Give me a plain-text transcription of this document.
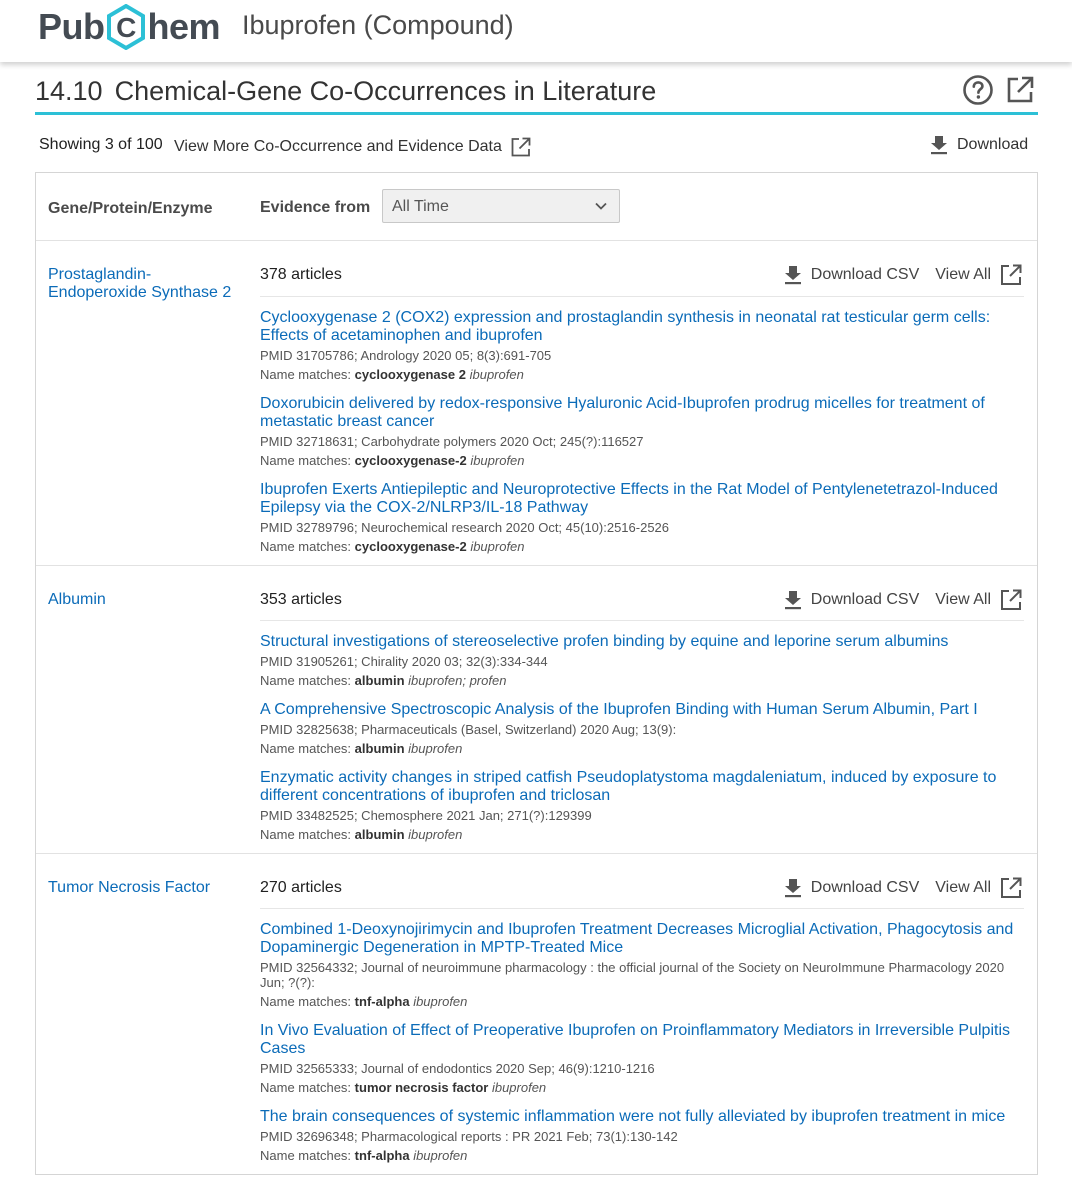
Pub C hem Ibuprofen (Compound)
14.10 Chemical-Gene Co-Occurrences in Literature
Showing 3 of 100 View More Co-Occurrence and Evidence Data	Download
Gene/Protein/Enzyme	Evidence from	All Time
Prostaglandin-Endoperoxide Synthase 2
378 articles	Download CSV View All
Cyclooxygenase 2 (COX2) expression and prostaglandin synthesis in neonatal rat testicular germ cells: Effects of acetaminophen and ibuprofen
PMID 31705786; Andrology 2020 05; 8(3):691-705
Name matches: cyclooxygenase 2 ibuprofen
Doxorubicin delivered by redox-responsive Hyaluronic Acid-Ibuprofen prodrug micelles for treatment of metastatic breast cancer
PMID 32718631; Carbohydrate polymers 2020 Oct; 245(?):116527
Name matches: cyclooxygenase-2 ibuprofen
Ibuprofen Exerts Antiepileptic and Neuroprotective Effects in the Rat Model of Pentylenetetrazol-Induced Epilepsy via the COX-2/NLRP3/IL-18 Pathway
PMID 32789796; Neurochemical research 2020 Oct; 45(10):2516-2526
Name matches: cyclooxygenase-2 ibuprofen
Albumin	353 articles	Download CSV View All
Structural investigations of stereoselective profen binding by equine and leporine serum albumins
PMID 31905261; Chirality 2020 03; 32(3):334-344
Name matches: albumin ibuprofen; profen
A Comprehensive Spectroscopic Analysis of the Ibuprofen Binding with Human Serum Albumin, Part I
PMID 32825638; Pharmaceuticals (Basel, Switzerland) 2020 Aug; 13(9):
Name matches: albumin ibuprofen
Enzymatic activity changes in striped catfish Pseudoplatystoma magdaleniatum, induced by exposure to different concentrations of ibuprofen and triclosan
PMID 33482525; Chemosphere 2021 Jan; 271(?):129399
Name matches: albumin ibuprofen
Tumor Necrosis Factor	270 articles	Download CSV View All
Combined 1-Deoxynojirimycin and Ibuprofen Treatment Decreases Microglial Activation, Phagocytosis and Dopaminergic Degeneration in MPTP-Treated Mice
PMID 32564332; Journal of neuroimmune pharmacology : the official journal of the Society on NeuroImmune Pharmacology 2020 Jun; ?(?):
Name matches: tnf-alpha ibuprofen
In Vivo Evaluation of Effect of Preoperative Ibuprofen on Proinflammatory Mediators in Irreversible Pulpitis Cases
PMID 32565333; Journal of endodontics 2020 Sep; 46(9):1210-1216
Name matches: tumor necrosis factor ibuprofen
The brain consequences of systemic inflammation were not fully alleviated by ibuprofen treatment in mice
PMID 32696348; Pharmacological reports : PR 2021 Feb; 73(1):130-142
Name matches: tnf-alpha ibuprofen
